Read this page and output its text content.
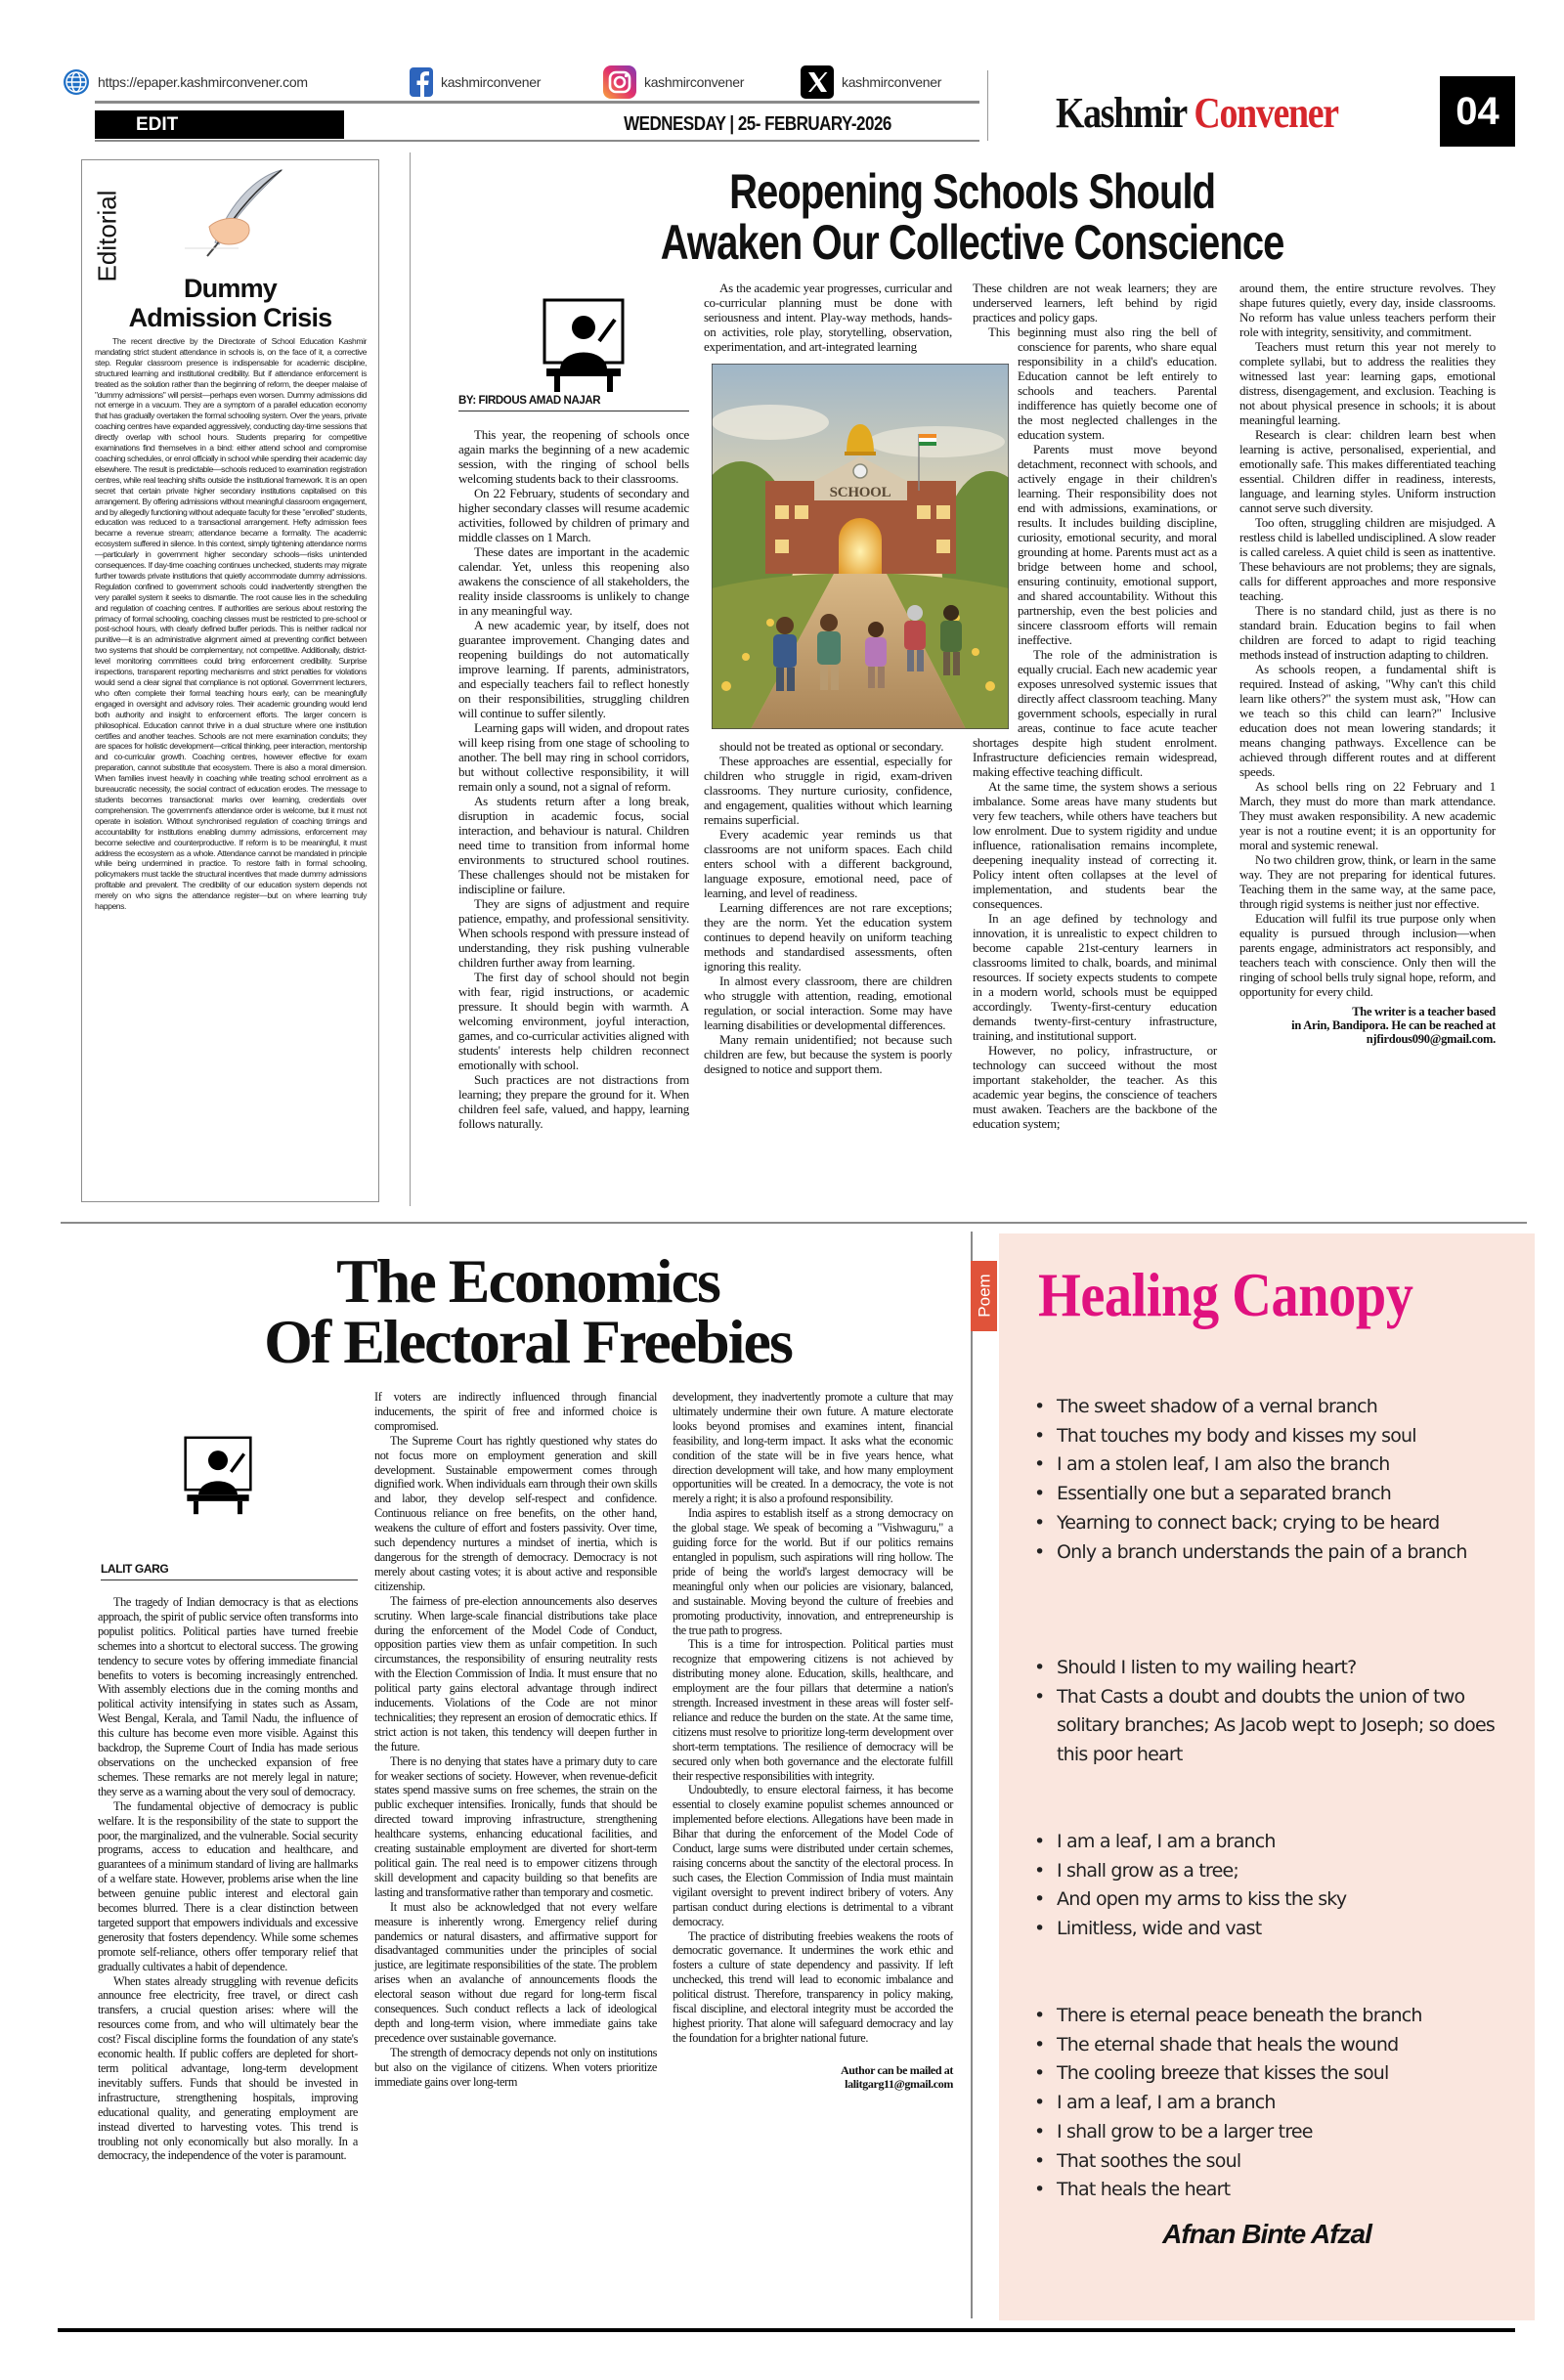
https://epaper.kashmirconvener.com	kashmirconvener	kashmirconvener	kashmirconvener
EDIT	WEDNESDAY | 25- FEBRUARY-2026	Kashmir Convener	04
Editorial
Dummy
Admission Crisis

The recent directive by the Directorate of School Education Kashmir mandating strict student attendance in schools is, on the face of it, a corrective step. Regular classroom presence is indispensable for academic discipline, structured learning and institutional credibility. But if attendance enforcement is treated as the solution rather than the beginning of reform, the deeper malaise of "dummy admissions" will persist—perhaps even worsen. Dummy admissions did not emerge in a vacuum. They are a symptom of a parallel education economy that has gradually overtaken the formal schooling system. Over the years, private coaching centres have expanded aggressively, conducting day-time sessions that directly overlap with school hours. Students preparing for competitive examinations find themselves in a bind: either attend school and compromise coaching schedules, or enrol officially in school while spending their academic day elsewhere. The result is predictable—schools reduced to examination registration centres, while real teaching shifts outside the institutional framework. It is an open secret that certain private higher secondary institutions capitalised on this arrangement. By offering admissions without meaningful classroom engagement, and by allegedly functioning without adequate faculty for these "enrolled" students, education was reduced to a transactional arrangement. Hefty admission fees became a revenue stream; attendance became a formality. The academic ecosystem suffered in silence. In this context, simply tightening attendance norms—particularly in government higher secondary schools—risks unintended consequences. If day-time coaching continues unchecked, students may migrate further towards private institutions that quietly accommodate dummy admissions. Regulation confined to government schools could inadvertently strengthen the very parallel system it seeks to dismantle. The root cause lies in the scheduling and regulation of coaching centres. If authorities are serious about restoring the primacy of formal schooling, coaching classes must be restricted to pre-school or post-school hours, with clearly defined buffer periods. This is neither radical nor punitive—it is an administrative alignment aimed at preventing conflict between two systems that should be complementary, not competitive. Additionally, district-level monitoring committees could bring enforcement credibility. Surprise inspections, transparent reporting mechanisms and strict penalties for violations would send a clear signal that compliance is not optional. Government lecturers, who often complete their formal teaching hours early, can be meaningfully engaged in oversight and advisory roles. Their academic grounding would lend both authority and insight to enforcement efforts. The larger concern is philosophical. Education cannot thrive in a dual structure where one institution certifies and another teaches. Schools are not mere examination conduits; they are spaces for holistic development—critical thinking, peer interaction, mentorship and co-curricular growth. Coaching centres, however effective for exam preparation, cannot substitute that ecosystem. There is also a moral dimension. When families invest heavily in coaching while treating school enrolment as a bureaucratic necessity, the social contract of education erodes. The message to students becomes transactional: marks over learning, credentials over comprehension. The government's attendance order is welcome, but it must not operate in isolation. Without synchronised regulation of coaching timings and accountability for institutions enabling dummy admissions, enforcement may become selective and counterproductive. If reform is to be meaningful, it must address the ecosystem as a whole. Attendance cannot be mandated in principle while being undermined in practice. To restore faith in formal schooling, policymakers must tackle the structural incentives that made dummy admissions profitable and prevalent. The credibility of our education system depends not merely on who signs the attendance register—but on where learning truly happens.

Reopening Schools Should
Awaken Our Collective Conscience
BY: FIRDOUS AMAD NAJAR

This year, the reopening of schools once again marks the beginning of a new academic session, with the ringing of school bells welcoming students back to their classrooms.

On 22 February, students of secondary and higher secondary classes will resume academic activities, followed by children of primary and middle classes on 1 March.

These dates are important in the academic calendar. Yet, unless this reopening also awakens the conscience of all stakeholders, the reality inside classrooms is unlikely to change in any meaningful way.

A new academic year, by itself, does not guarantee improvement. Changing dates and reopening buildings do not automatically improve learning. If parents, administrators, and especially teachers fail to reflect honestly on their responsibilities, struggling children will continue to suffer silently.

Learning gaps will widen, and dropout rates will keep rising from one stage of schooling to another. The bell may ring in school corridors, but without collective responsibility, it will remain only a sound, not a signal of reform.

As students return after a long break, disruption in academic focus, social interaction, and behaviour is natural. Children need time to transition from informal home environments to structured school routines. These challenges should not be mistaken for indiscipline or failure.

They are signs of adjustment and require patience, empathy, and professional sensitivity. When schools respond with pressure instead of understanding, they risk pushing vulnerable children further away from learning.

The first day of school should not begin with fear, rigid instructions, or academic pressure. It should begin with warmth. A welcoming environment, joyful interaction, games, and co-curricular activities aligned with students' interests help children reconnect emotionally with school.

Such practices are not distractions from learning; they prepare the ground for it. When children feel safe, valued, and happy, learning follows naturally.

As the academic year progresses, curricular and co-curricular planning must be done with seriousness and intent. Play-way methods, hands-on activities, role play, storytelling, observation, experimentation, and art-integrated learning

SCHOOL

should not be treated as optional or secondary.

These approaches are essential, especially for children who struggle in rigid, exam-driven classrooms. They nurture curiosity, confidence, and engagement, qualities without which learning remains superficial.

Every academic year reminds us that classrooms are not uniform spaces. Each child enters school with a different background, language exposure, emotional need, pace of learning, and level of readiness.

Learning differences are not rare exceptions; they are the norm. Yet the education system continues to depend heavily on uniform teaching methods and standardised assessments, often ignoring this reality.

In almost every classroom, there are children who struggle with attention, reading, emotional regulation, or social interaction. Some may have learning disabilities or developmental differences.

Many remain unidentified; not because such children are few, but because the system is poorly designed to notice and support them.

These children are not weak learners; they are underserved learners, left behind by rigid practices and policy gaps.

This beginning must also ring the bell of conscience for parents, who share equal responsibility in a child's education. Education cannot be left entirely to schools and teachers. Parental indifference has quietly become one of the most neglected challenges in the education system.

Parents must move beyond detachment, reconnect with schools, and actively engage in their children's learning. Their responsibility does not end with admissions, examinations, or results. It includes building discipline, curiosity, emotional security, and moral grounding at home. Parents must act as a bridge between home and school, ensuring continuity, emotional support, and shared accountability. Without this partnership, even the best policies and sincere classroom efforts will remain ineffective.

The role of the administration is equally crucial. Each new academic year exposes unresolved systemic issues that directly affect classroom teaching. Many government schools, especially in rural areas, continue to face acute teacher shortages despite high student enrolment. Infrastructure deficiencies remain widespread, making effective teaching difficult.

At the same time, the system shows a serious imbalance. Some areas have many students but very few teachers, while others have teachers but low enrolment. Due to system rigidity and undue influence, rationalisation remains incomplete, deepening inequality instead of correcting it. Policy intent often collapses at the level of implementation, and students bear the consequences.

In an age defined by technology and innovation, it is unrealistic to expect children to become capable 21st-century learners in classrooms limited to chalk, boards, and minimal resources. If society expects students to compete in a modern world, schools must be equipped accordingly. Twenty-first-century education demands twenty-first-century infrastructure, training, and institutional support.

However, no policy, infrastructure, or technology can succeed without the most important stakeholder, the teacher. As this academic year begins, the conscience of teachers must awaken. Teachers are the backbone of the education system;

around them, the entire structure revolves. They shape futures quietly, every day, inside classrooms. No reform has value unless teachers perform their role with integrity, sensitivity, and commitment.

Teachers must return this year not merely to complete syllabi, but to address the realities they witnessed last year: learning gaps, emotional distress, disengagement, and exclusion. Teaching is not about physical presence in schools; it is about meaningful learning.

Research is clear: children learn best when learning is active, personalised, experiential, and emotionally safe. This makes differentiated teaching essential. Children differ in readiness, interests, language, and learning styles. Uniform instruction cannot serve such diversity.

Too often, struggling children are misjudged. A restless child is labelled undisciplined. A slow reader is called careless. A quiet child is seen as inattentive. These behaviours are not problems; they are signals, calls for different approaches and more responsive teaching.

There is no standard child, just as there is no standard brain. Education begins to fail when children are forced to adapt to rigid teaching methods instead of instruction adapting to children.

As schools reopen, a fundamental shift is required. Instead of asking, "Why can't this child learn like others?" the system must ask, "How can we teach so this child can learn?" Inclusive education does not mean lowering standards; it means changing pathways. Excellence can be achieved through different routes and at different speeds.

As school bells ring on 22 February and 1 March, they must do more than mark attendance. They must awaken responsibility. A new academic year is not a routine event; it is an opportunity for moral and systemic renewal.

No two children grow, think, or learn in the same way. They are not preparing for identical futures. Teaching them in the same way, at the same pace, through rigid systems is neither just nor effective.

Education will fulfil its true purpose only when equality is pursued through inclusion—when parents engage, administrators act responsibly, and teachers teach with conscience. Only then will the ringing of school bells truly signal hope, reform, and opportunity for every child.

The writer is a teacher based
in Arin, Bandipora. He can be reached at
njfirdous090@gmail.com.
The Economics
Of Electoral Freebies
LALIT GARG

The tragedy of Indian democracy is that as elections approach, the spirit of public service often transforms into populist politics. Political parties have turned freebie schemes into a shortcut to electoral success. The growing tendency to secure votes by offering immediate financial benefits to voters is becoming increasingly entrenched. With assembly elections due in the coming months and political activity intensifying in states such as Assam, West Bengal, Kerala, and Tamil Nadu, the influence of this culture has become even more visible. Against this backdrop, the Supreme Court of India has made serious observations on the unchecked expansion of free schemes. These remarks are not merely legal in nature; they serve as a warning about the very soul of democracy.

The fundamental objective of democracy is public welfare. It is the responsibility of the state to support the poor, the marginalized, and the vulnerable. Social security programs, access to education and healthcare, and guarantees of a minimum standard of living are hallmarks of a welfare state. However, problems arise when the line between genuine public interest and electoral gain becomes blurred. There is a clear distinction between targeted support that empowers individuals and excessive generosity that fosters dependency. While some schemes promote self-reliance, others offer temporary relief that gradually cultivates a habit of dependence.

When states already struggling with revenue deficits announce free electricity, free travel, or direct cash transfers, a crucial question arises: where will the resources come from, and who will ultimately bear the cost? Fiscal discipline forms the foundation of any state's economic health. If public coffers are depleted for short-term political advantage, long-term development inevitably suffers. Funds that should be invested in infrastructure, strengthening hospitals, improving educational quality, and generating employment are instead diverted to harvesting votes. This trend is troubling not only economically but also morally. In a democracy, the independence of the voter is paramount.

If voters are indirectly influenced through financial inducements, the spirit of free and informed choice is compromised.

The Supreme Court has rightly questioned why states do not focus more on employment generation and skill development. Sustainable empowerment comes through dignified work. When individuals earn through their own skills and labor, they develop self-respect and confidence. Continuous reliance on free benefits, on the other hand, weakens the culture of effort and fosters passivity. Over time, such dependency nurtures a mindset of inertia, which is dangerous for the strength of democracy. Democracy is not merely about casting votes; it is about active and responsible citizenship.

The fairness of pre-election announcements also deserves scrutiny. When large-scale financial distributions take place during the enforcement of the Model Code of Conduct, opposition parties view them as unfair competition. In such circumstances, the responsibility of ensuring neutrality rests with the Election Commission of India. It must ensure that no political party gains electoral advantage through indirect inducements. Violations of the Code are not minor technicalities; they represent an erosion of democratic ethics. If strict action is not taken, this tendency will deepen further in the future.

There is no denying that states have a primary duty to care for weaker sections of society. However, when revenue-deficit states spend massive sums on free schemes, the strain on the public exchequer intensifies. Ironically, funds that should be directed toward improving infrastructure, strengthening healthcare systems, enhancing educational facilities, and creating sustainable employment are diverted for short-term political gain. The real need is to empower citizens through skill development and capacity building so that benefits are lasting and transformative rather than temporary and cosmetic.

It must also be acknowledged that not every welfare measure is inherently wrong. Emergency relief during pandemics or natural disasters, and affirmative support for disadvantaged communities under the principles of social justice, are legitimate responsibilities of the state. The problem arises when an avalanche of announcements floods the electoral season without due regard for long-term fiscal consequences. Such conduct reflects a lack of ideological depth and long-term vision, where immediate gains take precedence over sustainable governance.

The strength of democracy depends not only on institutions but also on the vigilance of citizens. When voters prioritize immediate gains over long-term

development, they inadvertently promote a culture that may ultimately undermine their own future. A mature electorate looks beyond promises and examines intent, financial feasibility, and long-term impact. It asks what the economic condition of the state will be in five years hence, what direction development will take, and how many employment opportunities will be created. In a democracy, the vote is not merely a right; it is also a profound responsibility.

India aspires to establish itself as a strong democracy on the global stage. We speak of becoming a "Vishwaguru," a guiding force for the world. But if our politics remains entangled in populism, such aspirations will ring hollow. The pride of being the world's largest democracy will be meaningful only when our policies are visionary, balanced, and sustainable. Moving beyond the culture of freebies and promoting productivity, innovation, and entrepreneurship is the true path to progress.

This is a time for introspection. Political parties must recognize that empowering citizens is not achieved by distributing money alone. Education, skills, healthcare, and employment are the four pillars that determine a nation's strength. Increased investment in these areas will foster self-reliance and reduce the burden on the state. At the same time, citizens must resolve to prioritize long-term development over short-term temptations. The resilience of democracy will be secured only when both governance and the electorate fulfill their respective responsibilities with integrity.

Undoubtedly, to ensure electoral fairness, it has become essential to closely examine populist schemes announced or implemented before elections. Allegations have been made in Bihar that during the enforcement of the Model Code of Conduct, large sums were distributed under certain schemes, raising concerns about the sanctity of the electoral process. In such cases, the Election Commission of India must maintain vigilant oversight to prevent indirect bribery of voters. Any partisan conduct during elections is detrimental to a vibrant democracy.

The practice of distributing freebies weakens the roots of democratic governance. It undermines the work ethic and fosters a culture of state dependency and passivity. If left unchecked, this trend will lead to economic imbalance and political distrust. Therefore, transparency in policy making, fiscal discipline, and electoral integrity must be accorded the highest priority. That alone will safeguard democracy and lay the foundation for a brighter national future.

Author can be mailed at
lalitgarg11@gmail.com
Healing Canopy
• The sweet shadow of a vernal branch
• That touches my body and kisses my soul
• I am a stolen leaf, I am also the branch
• Essentially one but a separated branch
• Yearning to connect back; crying to be heard
• Only a branch understands the pain of a branch
• Should I listen to my wailing heart?
• That Casts a doubt and doubts the union of two solitary branches; As Jacob wept to Joseph; so does this poor heart
• I am a leaf, I am a branch
• I shall grow as a tree;
• And open my arms to kiss the sky
• Limitless, wide and vast
• There is eternal peace beneath the branch
• The eternal shade that heals the wound
• The cooling breeze that kisses the soul
• I am a leaf, I am a branch
• I shall grow to be a larger tree
• That soothes the soul
• That heals the heart
Afnan Binte Afzal
Poem
